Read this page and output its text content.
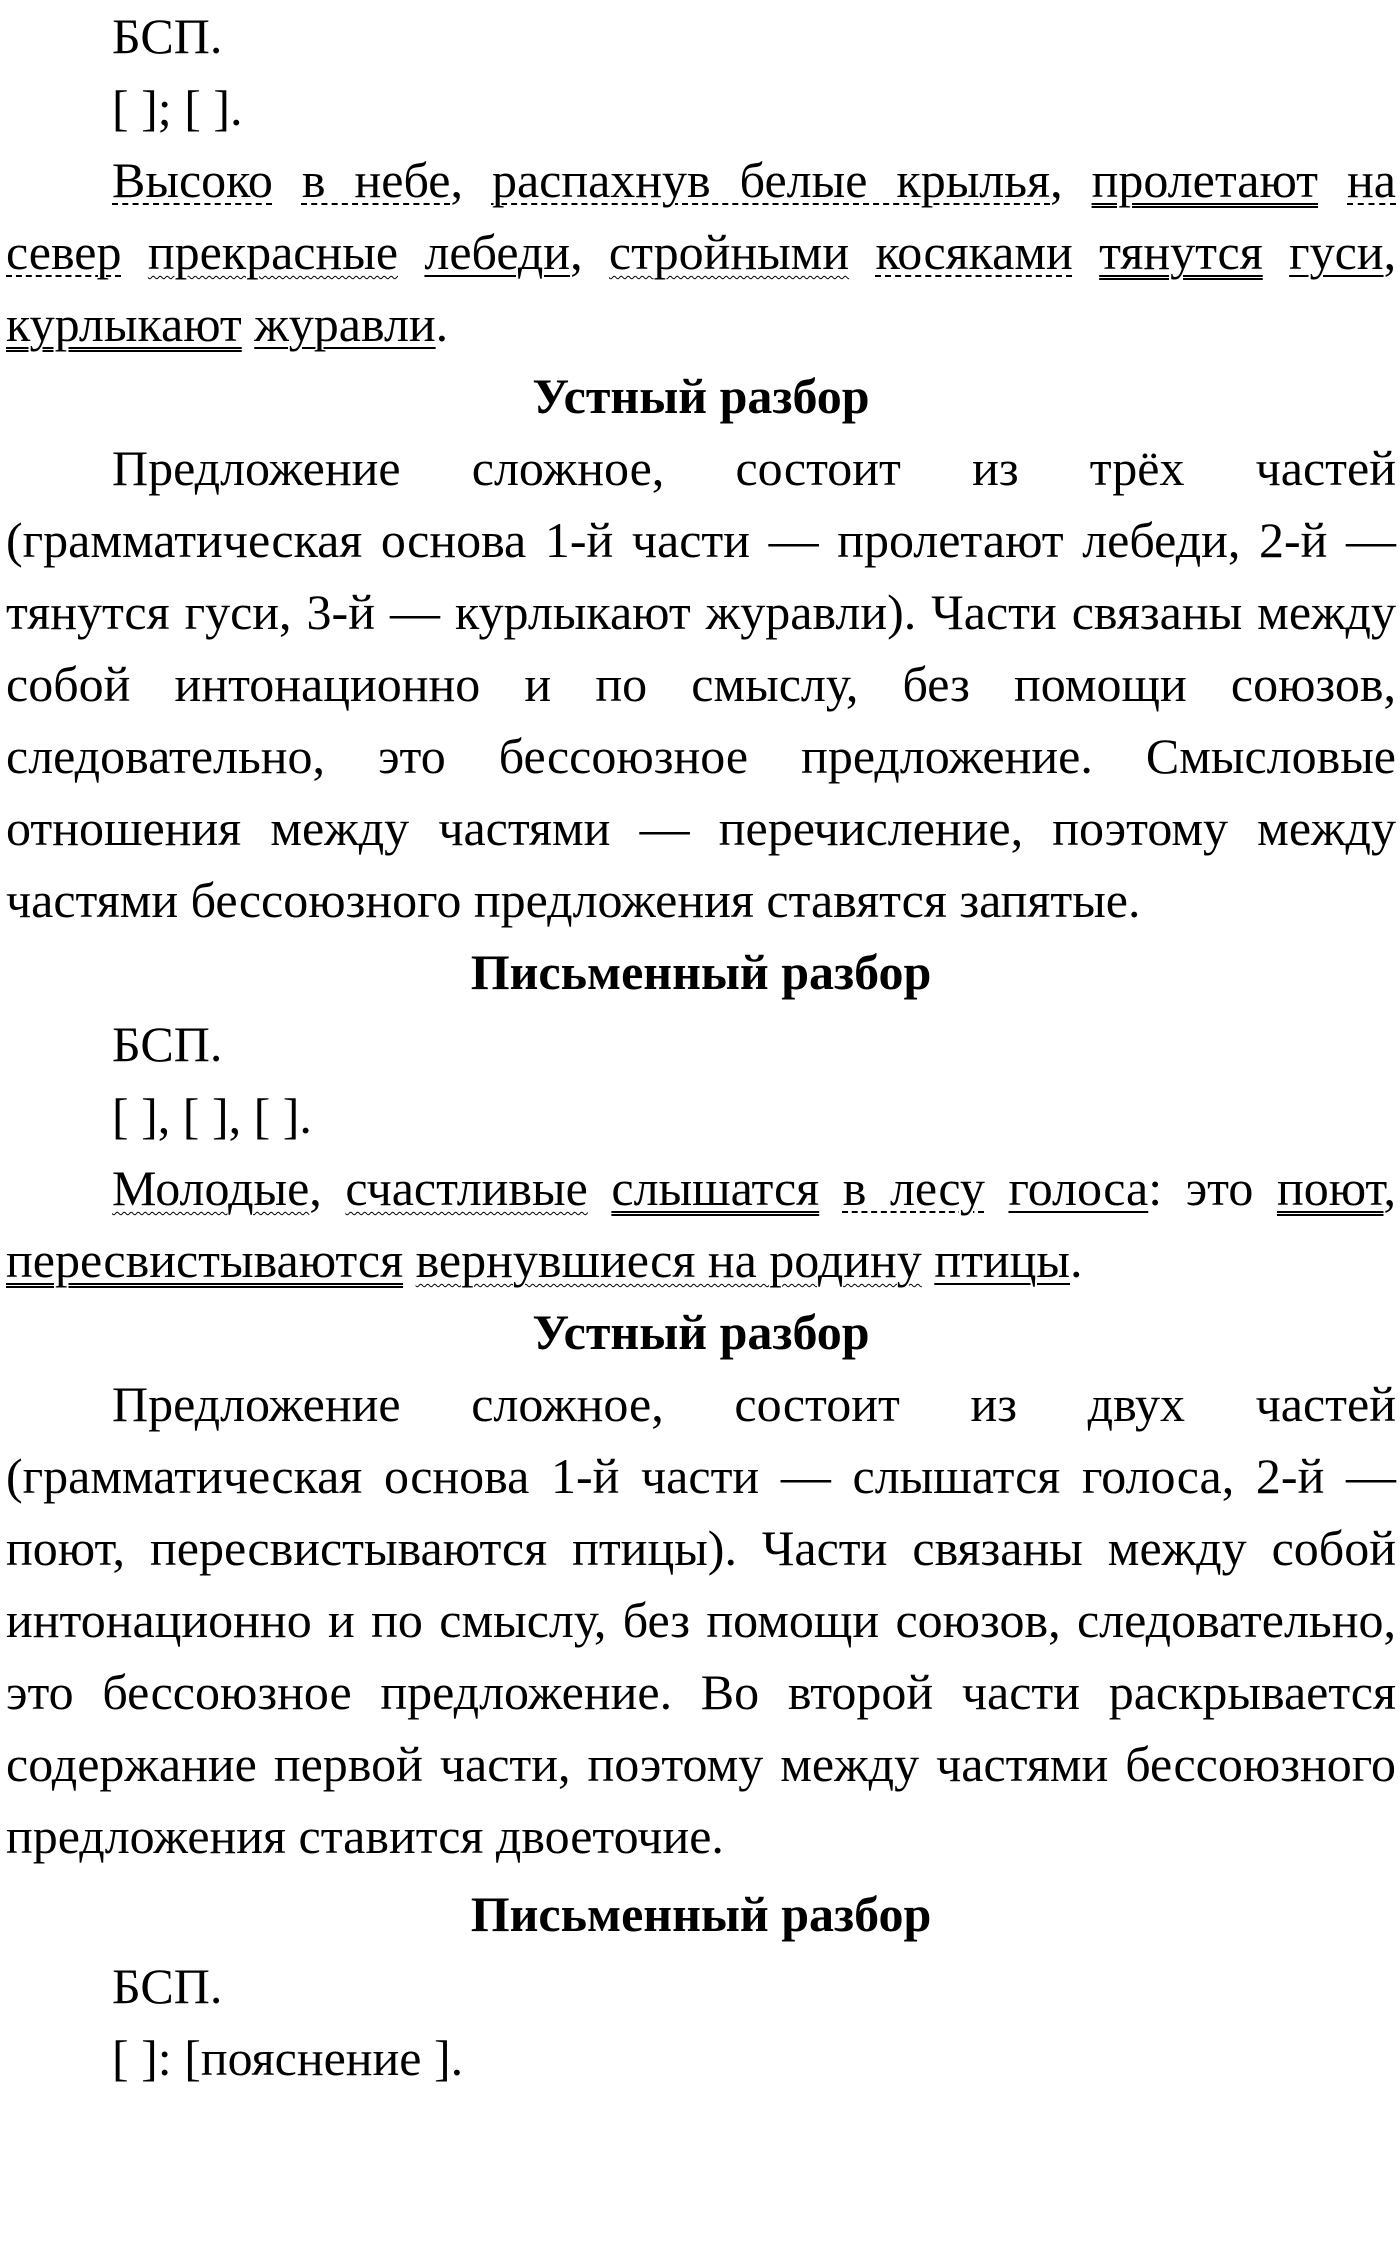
БСП.
[ ]; [ ].
Высоко в небе, распахнув белые крылья, пролетают на север прекрасные лебеди, стройными косяками тянутся гуси, курлыкают журавли.
Устный разбор
Предложение сложное, состоит из трёх частей (грамматическая основа 1-й части — пролетают лебеди, 2-й — тянутся гуси, 3-й — курлыкают журавли). Части связаны между собой интонационно и по смыслу, без помощи союзов, следовательно, это бессоюзное предложение. Смысловые отношения между частями — перечисление, поэтому между частями бессоюзного предложения ставятся запятые.
Письменный разбор
БСП.
[ ], [ ], [ ].
Молодые, счастливые слышатся в лесу голоса: это поют, пересвистываются вернувшиеся на родину птицы.
Устный разбор
Предложение сложное, состоит из двух частей (грамматическая основа 1-й части — слышатся голоса, 2-й — поют, пересвистываются птицы). Части связаны между собой интонационно и по смыслу, без помощи союзов, следовательно, это бессоюзное предложение. Во второй части раскрывается содержание первой части, поэтому между частями бессоюзного предложения ставится двоеточие.
Письменный разбор
БСП.
[ ]: [пояснение ].
